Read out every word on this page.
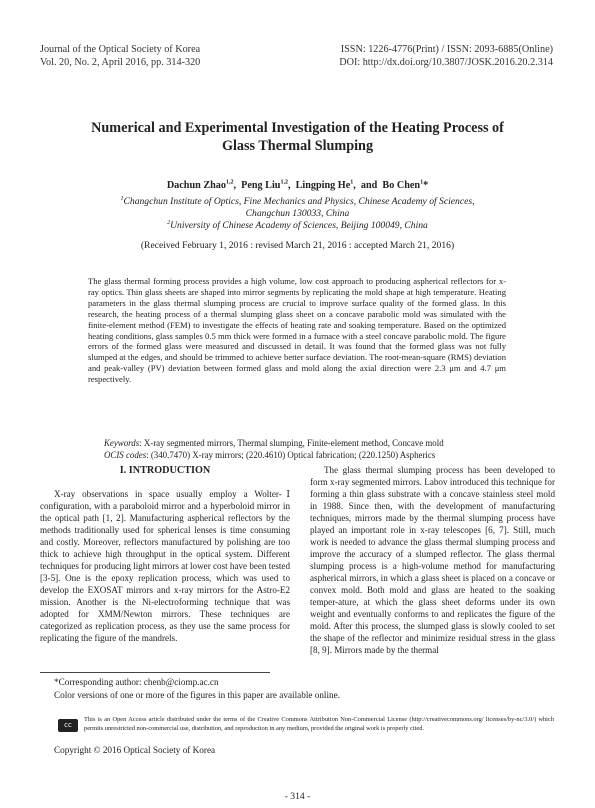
Journal of the Optical Society of Korea
Vol. 20, No. 2, April 2016, pp. 314-320
ISSN: 1226-4776(Print) / ISSN: 2093-6885(Online)
DOI: http://dx.doi.org/10.3807/JOSK.2016.20.2.314
Numerical and Experimental Investigation of the Heating Process of
Glass Thermal Slumping
Dachun Zhao$^{1,2}$,  Peng Liu$^{1,2}$,  Lingping He$^1$,  and Bo Chen$^1$*
$^1$Changchun Institute of Optics, Fine Mechanics and Physics, Chinese Academy of Sciences,
Changchun 130033, China
$^2$University of Chinese Academy of Sciences, Beijing 100049, China
(Received February 1, 2016 : revised March 21, 2016 : accepted March 21, 2016)
The glass thermal forming process provides a high volume, low cost approach to producing aspherical reflectors for x-ray optics. Thin glass sheets are shaped into mirror segments by replicating the mold shape at high temperature. Heating parameters in the glass thermal slumping process are crucial to improve surface quality of the formed glass. In this research, the heating process of a thermal slumping glass sheet on a concave parabolic mold was simulated with the finite-element method (FEM) to investigate the effects of heating rate and soaking temperature. Based on the optimized heating conditions, glass samples 0.5 mm thick were formed in a furnace with a steel concave parabolic mold. The figure errors of the formed glass were measured and discussed in detail. It was found that the formed glass was not fully slumped at the edges, and should be trimmed to achieve better surface deviation. The root-mean-square (RMS) deviation and peak-valley (PV) deviation between formed glass and mold along the axial direction were 2.3 μm and 4.7 μm respectively.
Keywords: X-ray segmented mirrors, Thermal slumping, Finite-element method, Concave mold
OCIS codes: (340.7470) X-ray mirrors; (220.4610) Optical fabrication; (220.1250) Aspherics
I. INTRODUCTION
X-ray observations in space usually employ a Wolter-Ⅰ configuration, with a paraboloid mirror and a hyperboloid mirror in the optical path [1, 2]. Manufacturing aspherical reflectors by the methods traditionally used for spherical lenses is time consuming and costly. Moreover, reflectors manufactured by polishing are too thick to achieve high throughput in the optical system. Different techniques for producing light mirrors at lower cost have been tested [3-5]. One is the epoxy replication process, which was used to develop the EXOSAT mirrors and x-ray mirrors for the Astro-E2 mission. Another is the Ni-electroforming technique that was adopted for XMM/Newton mirrors. These techniques are categorized as replication process, as they use the same process for replicating the figure of the mandrels.
The glass thermal slumping process has been developed to form x-ray segmented mirrors. Labov introduced this technique for forming a thin glass substrate with a concave stainless steel mold in 1988. Since then, with the development of manufacturing techniques, mirrors made by the thermal slumping process have played an important role in x-ray telescopes [6, 7]. Still, much work is needed to advance the glass thermal slumping process and improve the accuracy of a slumped reflector. The glass thermal slumping process is a high-volume method for manufacturing aspherical mirrors, in which a glass sheet is placed on a concave or convex mold. Both mold and glass are heated to the soaking temper-ature, at which the glass sheet deforms under its own weight and eventually conforms to and replicates the figure of the mold. After this process, the slumped glass is slowly cooled to set the shape of the reflector and minimize residual stress in the glass [8, 9]. Mirrors made by the thermal
*Corresponding author: chenb@ciomp.ac.cn
Color versions of one or more of the figures in this paper are available online.
cc
This is an Open Access article distributed under the terms of the Creative Commons Attribution Non-Commercial License (http://creativecommons.org/ licenses/by-nc/3.0/) which permits unrestricted non-commercial use, distribution, and reproduction in any medium, provided the original work is properly cited.
Copyright © 2016 Optical Society of Korea
- 314 -
